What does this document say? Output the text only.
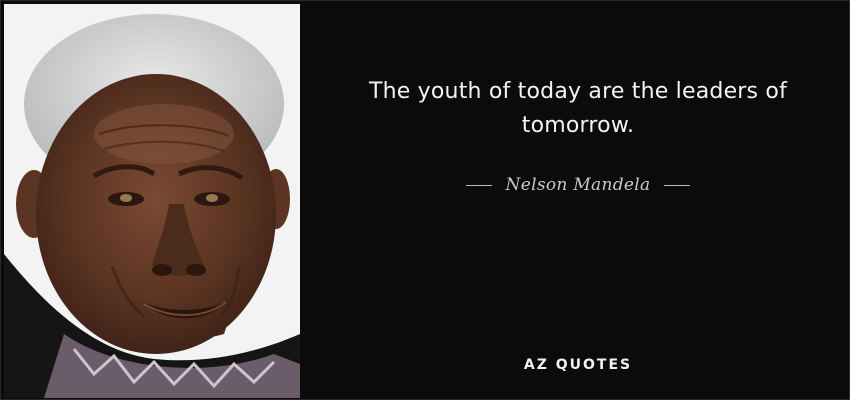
The youth of today are the leaders of tomorrow.
Nelson Mandela
AZ QUOTES
